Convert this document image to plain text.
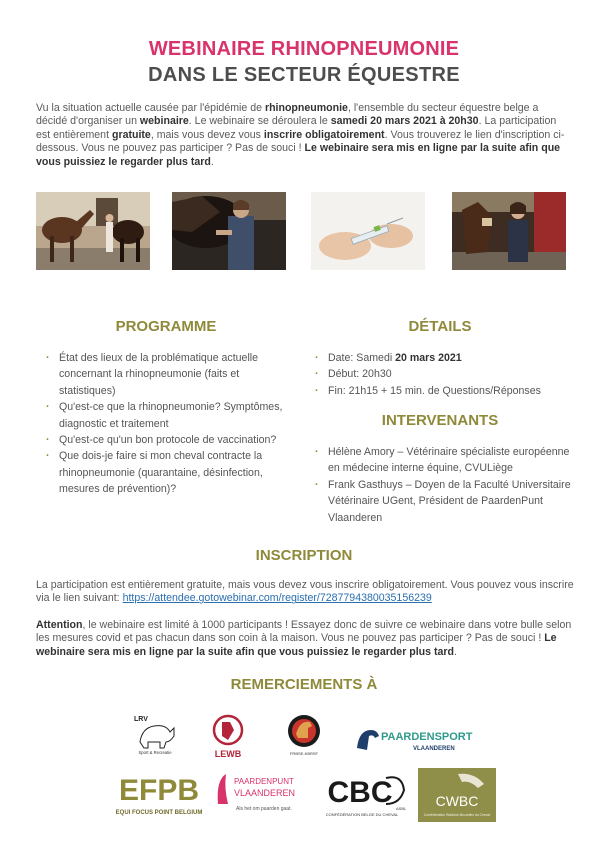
WEBINAIRE RHINOPNEUMONIE
DANS LE SECTEUR ÉQUESTRE

Vu la situation actuelle causée par l'épidémie de rhinopneumonie, l'ensemble du secteur équestre belge a décidé d'organiser un webinaire. Le webinaire se déroulera le samedi 20 mars 2021 à 20h30. La participation est entièrement gratuite, mais vous devez vous inscrire obligatoirement. Vous trouverez le lien d'inscription ci-dessous. Vous ne pouvez pas participer ? Pas de souci ! Le webinaire sera mis en ligne par la suite afin que vous puissiez le regarder plus tard.

PROGRAMME
· État des lieux de la problématique actuelle concernant la rhinopneumonie (faits et statistiques)
· Qu'est-ce que la rhinopneumonie? Symptômes, diagnostic et traitement
· Qu'est-ce qu'un bon protocole de vaccination?
· Que dois-je faire si mon cheval contracte la rhinopneumonie (quarantaine, désinfection, mesures de prévention)?
DÉTAILS
· Date: Samedi 20 mars 2021
· Début: 20h30
· Fin: 21h15 + 15 min. de Questions/Réponses
INTERVENANTS
· Hélène Amory – Vétérinaire spécialiste européenne en médecine interne équine, CVULiège
· Frank Gasthuys – Doyen de la Faculté Universitaire Vétérinaire UGent, Président de PaardenPunt Vlaanderen
INSCRIPTION

La participation est entièrement gratuite, mais vous devez vous inscrire obligatoirement. Vous pouvez vous inscrire via le lien suivant: https://attendee.gotowebinar.com/register/7287794380035156239

Attention, le webinaire est limité à 1000 participants ! Essayez donc de suivre ce webinaire dans votre bulle selon les mesures covid et pas chacun dans son coin à la maison. Vous ne pouvez pas participer ? Pas de souci ! Le webinaire sera mis en ligne par la suite afin que vous puissiez le regarder plus tard.

REMERCIEMENTS À
LRV
Sport & Recreatie	LEWB	FRBSE-KBRSF
PAARDENSPORT
VLAANDEREN
EFPB
EQUI FOCUS POINT BELGIUM
PAARDENPUNT
VLAANDEREN
Als het om paarden gaat. CBC ASBL
CONFÉDÉRATION BELGE DU CHEVAL
CWBC
Confédération Wallonie-Bruxelles du Cheval
